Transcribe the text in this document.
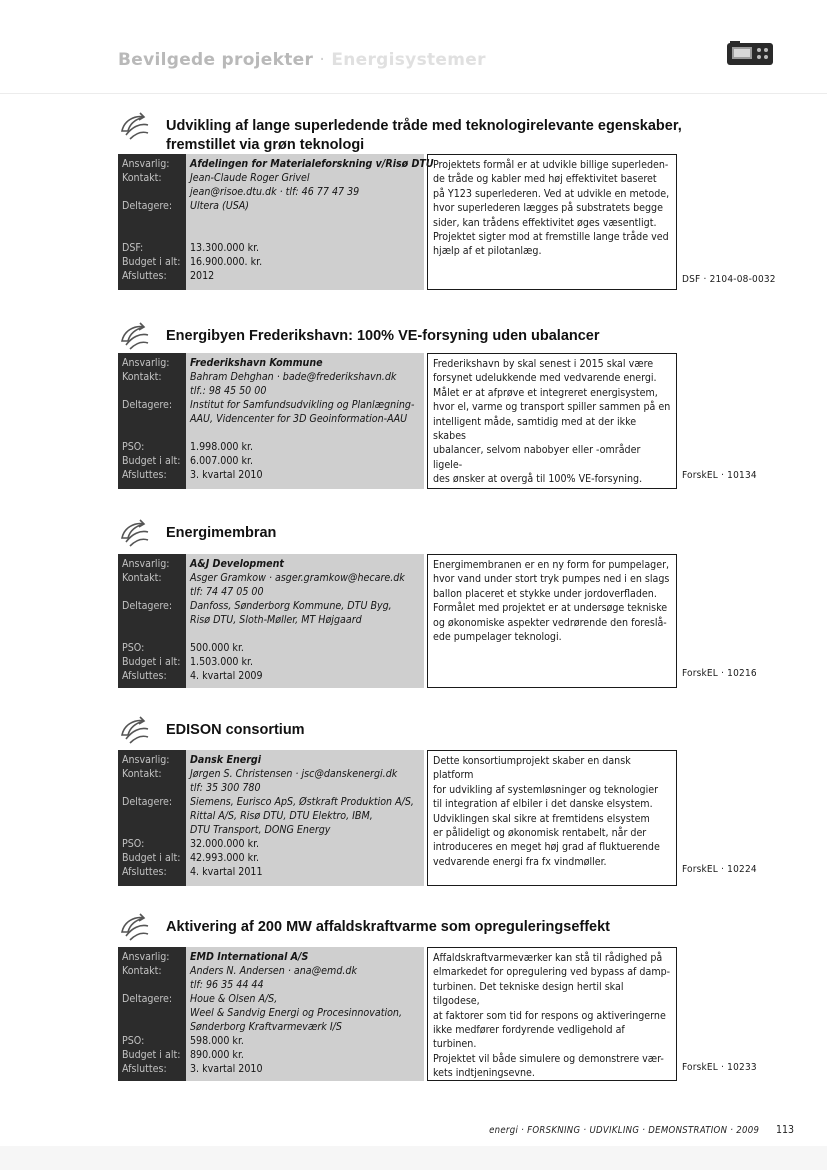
Bevilgede projekter · Energisystemer
Udvikling af lange superledende tråde med teknologirelevante egenskaber,
fremstillet via grøn teknologi
Ansvarlig:
Kontakt:
Deltagere:
DSF:
Budget i alt:
Afsluttes:
Afdelingen for Materialeforskning v/Risø DTU
Jean-Claude Roger Grivel
jean@risoe.dtu.dk · tlf: 46 77 47 39
Ultera (USA)
13.300.000 kr.
16.900.000. kr.
2012
Projektets formål er at udvikle billige superleden-
de tråde og kabler med høj effektivitet baseret
på Y123 superlederen. Ved at udvikle en metode,
hvor superlederen lægges på substratets begge
sider, kan trådens effektivitet øges væsentligt.
Projektet sigter mod at fremstille lange tråde ved
hjælp af et pilotanlæg.
DSF · 2104-08-0032
Energibyen Frederikshavn: 100% VE-forsyning uden ubalancer
Ansvarlig:
Kontakt:
Deltagere:
PSO:
Budget i alt:
Afsluttes:
Frederikshavn Kommune
Bahram Dehghan · bade@frederikshavn.dk
tlf.: 98 45 50 00
Institut for Samfundsudvikling og Planlægning-
AAU, Videncenter for 3D Geoinformation-AAU
1.998.000 kr.
6.007.000 kr.
3. kvartal 2010
Frederikshavn by skal senest i 2015 skal være
forsynet udelukkende med vedvarende energi.
Målet er at afprøve et integreret energisystem,
hvor el, varme og transport spiller sammen på en
intelligent måde, samtidig med at der ikke skabes
ubalancer, selvom nabobyer eller -områder ligele-
des ønsker at overgå til 100% VE-forsyning.	ForskEL · 10134
Energimembran
Ansvarlig:
Kontakt:
Deltagere:
PSO:
Budget i alt:
Afsluttes:
A&J Development
Asger Gramkow · asger.gramkow@hecare.dk
tlf: 74 47 05 00
Danfoss, Sønderborg Kommune, DTU Byg,
Risø DTU, Sloth-Møller, MT Højgaard
500.000 kr.
1.503.000 kr.
4. kvartal 2009
Energimembranen er en ny form for pumpelager,
hvor vand under stort tryk pumpes ned i en slags
ballon placeret et stykke under jordoverfladen.
Formålet med projektet er at undersøge tekniske
og økonomiske aspekter vedrørende den foreslå-
ede pumpelager teknologi.
ForskEL · 10216
EDISON consortium
Ansvarlig:
Kontakt:
Deltagere:
PSO:
Budget i alt:
Afsluttes:
Dansk Energi
Jørgen S. Christensen · jsc@danskenergi.dk
tlf: 35 300 780
Siemens, Eurisco ApS, Østkraft Produktion A/S,
Rittal A/S, Risø DTU, DTU Elektro, IBM,
DTU Transport, DONG Energy
32.000.000 kr.
42.993.000 kr.
4. kvartal 2011
Dette konsortiumprojekt skaber en dansk platform
for udvikling af systemløsninger og teknologier
til integration af elbiler i det danske elsystem.
Udviklingen skal sikre at fremtidens elsystem
er pålideligt og økonomisk rentabelt, når der
introduceres en meget høj grad af fluktuerende
vedvarende energi fra fx vindmøller.
ForskEL · 10224
Aktivering af 200 MW affaldskraftvarme som opreguleringseffekt
Ansvarlig:
Kontakt:
Deltagere:
PSO:
Budget i alt:
Afsluttes:
EMD International A/S
Anders N. Andersen · ana@emd.dk
tlf: 96 35 44 44
Houe & Olsen A/S,
Weel & Sandvig Energi og Procesinnovation,
Sønderborg Kraftvarmeværk I/S
598.000 kr.
890.000 kr.
3. kvartal 2010
Affaldskraftvarmeværker kan stå til rådighed på
elmarkedet for opregulering ved bypass af damp-
turbinen. Det tekniske design hertil skal tilgodese,
at faktorer som tid for respons og aktiveringerne
ikke medfører fordyrende vedligehold af turbinen.
Projektet vil både simulere og demonstrere vær-
kets indtjeningsevne.	ForskEL · 10233
energi · FORSKNING · UDVIKLING · DEMONSTRATION · 2009 113
